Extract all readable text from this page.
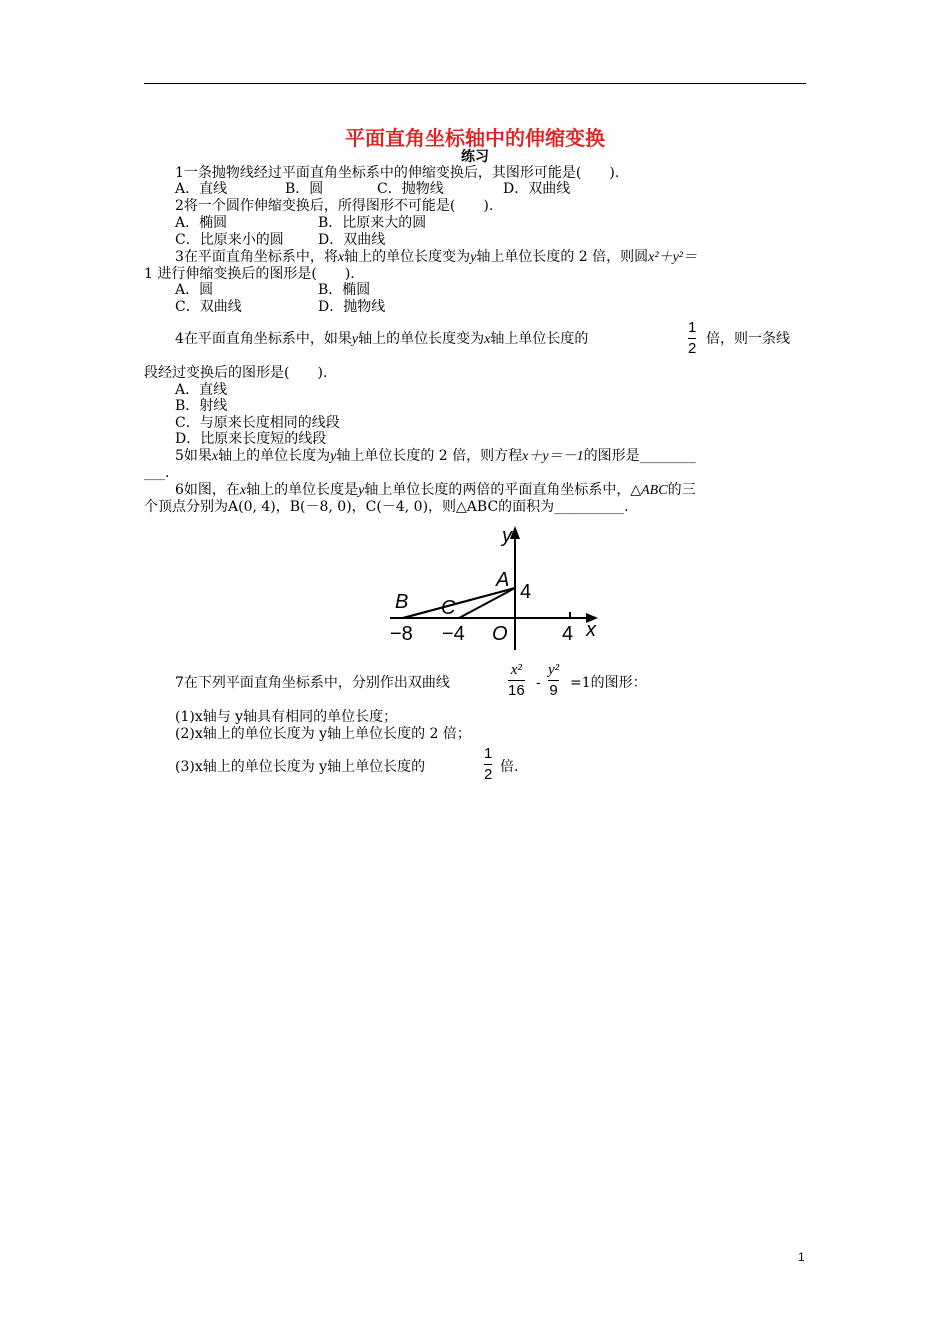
平面直角坐标轴中的伸缩变换
练习
1一条抛物线经过平面直角坐标系中的伸缩变换后，其图形可能是(　　).
A．直线	B．圆	C．抛物线	D．双曲线
2将一个圆作伸缩变换后，所得图形不可能是(　　).
A．椭圆	B．比原来大的圆
C．比原来小的圆 D．双曲线
3在平面直角坐标系中，将x轴上的单位长度变为y轴上单位长度的 2 倍，则圆x²＋y²＝
1 进行伸缩变换后的图形是(　　).
A．圆	B．椭圆
C．双曲线	D．抛物线
4在平面直角坐标系中，如果y轴上的单位长度变为x轴上单位长度的
1
2
倍，则一条线
段经过变换后的图形是(　　).
A．直线
B．射线
C．与原来长度相同的线段
D．比原来长度短的线段
5如果x轴上的单位长度为y轴上单位长度的 2 倍，则方程x＋y＝－1的图形是________
___.
6如图，在x轴上的单位长度是y轴上单位长度的两倍的平面直角坐标系中，△ABC的三
个顶点分别为A(0, 4)，B(－8, 0)，C(－4, 0)，则△ABC的面积为__________.
y
x
A
4
B C
O
−8 −4	4
7在下列平面直角坐标系中，分别作出双曲线
x²
16 -
y²
9 =1的图形：
(1)x轴与 y轴具有相同的单位长度；
(2)x轴上的单位长度为 y轴上单位长度的 2 倍；
(3)x轴上的单位长度为 y轴上单位长度的
1
2 倍.
1
